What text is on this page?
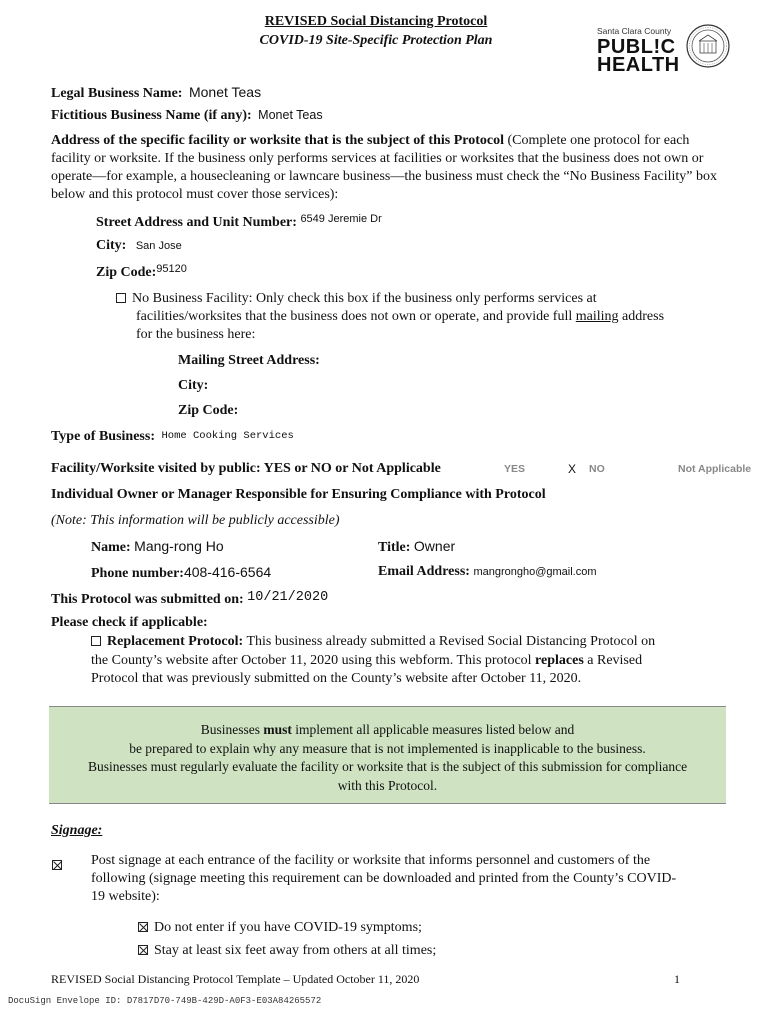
REVISED Social Distancing Protocol
COVID-19 Site-Specific Protection Plan
Santa Clara County
PUBL!C
HEALTH
Legal Business Name: Monet Teas
Fictitious Business Name (if any): Monet Teas
Address of the specific facility or worksite that is the subject of this Protocol (Complete one protocol for each facility or worksite. If the business only performs services at facilities or worksites that the business does not own or operate—for example, a housecleaning or lawncare business—the business must check the “No Business Facility” box below and this protocol must cover those services):
Street Address and Unit Number: $^{6549 Jeremie Dr}$
City: San Jose
Zip Code:$^{95120}$
No Business Facility: Only check this box if the business only performs services at
facilities/worksites that the business does not own or operate, and provide full mailing address
for the business here:
Mailing Street Address:
City:
Zip Code:
Type of Business: Home Cooking Services
Facility/Worksite visited by public: YES or NO or Not Applicable	YES	X NO	Not Applicable
Individual Owner or Manager Responsible for Ensuring Compliance with Protocol
(Note: This information will be publicly accessible)
Name: Mang-rong Ho	Title: Owner
Phone number:408-416-6564	Email Address: mangrongho@gmail.com
This Protocol was submitted on: 10/21/2020
Please check if applicable:
Replacement Protocol: This business already submitted a Revised Social Distancing Protocol on
the County’s website after October 11, 2020 using this webform. This protocol replaces a Revised
Protocol that was previously submitted on the County’s website after October 11, 2020.
Businesses must implement all applicable measures listed below and
be prepared to explain why any measure that is not implemented is inapplicable to the business.
Businesses must regularly evaluate the facility or worksite that is the subject of this submission for compliance
with this Protocol.
Signage:
Post signage at each entrance of the facility or worksite that informs personnel and customers of the
following (signage meeting this requirement can be downloaded and printed from the County’s COVID-
19 website):
Do not enter if you have COVID-19 symptoms;
Stay at least six feet away from others at all times;
REVISED Social Distancing Protocol Template – Updated October 11, 2020	1
DocuSign Envelope ID: D7817D70-749B-429D-A0F3-E03A84265572
